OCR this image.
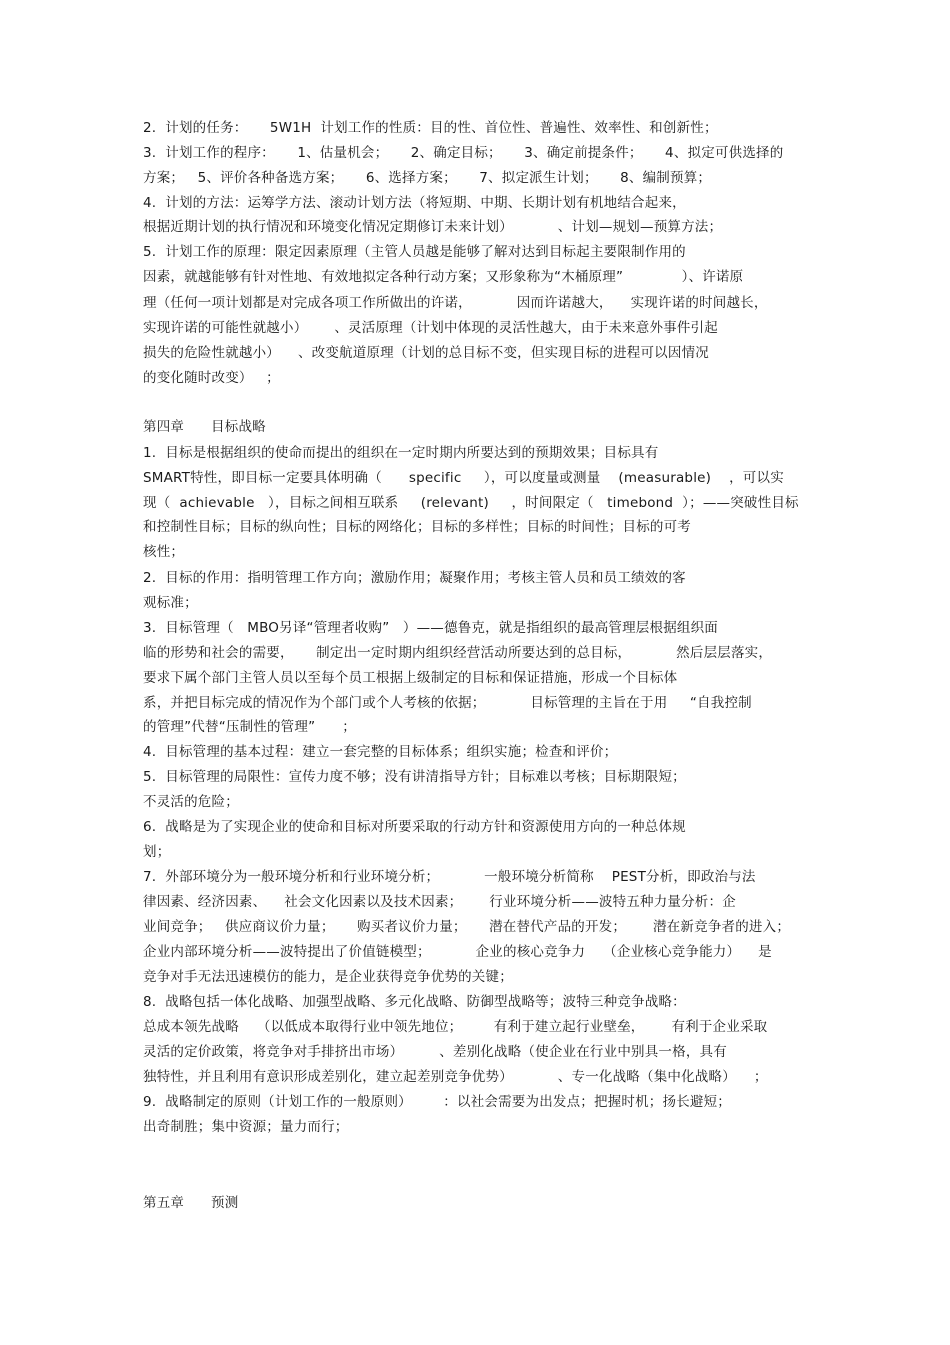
2.  计划的任务：     5W1H  计划工作的性质：目的性、首位性、普遍性、效率性、和创新性；
3.  计划工作的程序：     1、估量机会；     2、确定目标；     3、确定前提条件；     4、拟定可供选择的
方案；   5、评价各种备选方案；     6、选择方案；     7、拟定派生计划；     8、编制预算；
4.  计划的方法：运筹学方法、滚动计划方法（将短期、中期、长期计划有机地结合起来，
根据近期计划的执行情况和环境变化情况定期修订未来计划）          、计划—规划—预算方法；
5.  计划工作的原理：限定因素原理（主管人员越是能够了解对达到目标起主要限制作用的
因素，就越能够有针对性地、有效地拟定各种行动方案；又形象称为“木桶原理”             ）、许诺原
理（任何一项计划都是对完成各项工作所做出的许诺，          因而许诺越大，    实现许诺的时间越长，
实现许诺的可能性就越小）      、灵活原理（计划中体现的灵活性越大，由于未来意外事件引起
损失的危险性就越小）    、改变航道原理（计划的总目标不变，但实现目标的进程可以因情况
的变化随时改变）   ；
第四章      目标战略
1.  目标是根据组织的使命而提出的组织在一定时期内所要达到的预期效果；目标具有
SMART特性，即目标一定要具体明确（      specific     ），可以度量或测量    (measurable)    ，可以实
现（  achievable   ），目标之间相互联系     (relevant)     ，时间限定（   timebond  ）；——突破性目标
和控制性目标；目标的纵向性；目标的网络化；目标的多样性；目标的时间性；目标的可考
核性；
2.  目标的作用：指明管理工作方向；激励作用；凝聚作用；考核主管人员和员工绩效的客
观标准；
3.  目标管理（   MBO另译“管理者收购”   ）——德鲁克，就是指组织的最高管理层根据组织面
临的形势和社会的需要，     制定出一定时期内组织经营活动所要达到的总目标，          然后层层落实，
要求下属个部门主管人员以至每个员工根据上级制定的目标和保证措施，形成一个目标体
系，并把目标完成的情况作为个部门或个人考核的依据；          目标管理的主旨在于用     “自我控制
的管理”代替“压制性的管理”      ；
4.  目标管理的基本过程：建立一套完整的目标体系；组织实施；检查和评价；
5.  目标管理的局限性：宣传力度不够；没有讲清指导方针；目标难以考核；目标期限短；
不灵活的危险；
6.  战略是为了实现企业的使命和目标对所要采取的行动方针和资源使用方向的一种总体规
划；
7.  外部环境分为一般环境分析和行业环境分析；          一般环境分析简称    PEST分析，即政治与法
律因素、经济因素、    社会文化因素以及技术因素；      行业环境分析——波特五种力量分析：企
业间竞争；   供应商议价力量；     购买者议价力量；     潜在替代产品的开发；      潜在新竞争者的进入；
企业内部环境分析——波特提出了价值链模型；          企业的核心竞争力    （企业核心竞争能力）    是
竞争对手无法迅速模仿的能力，是企业获得竞争优势的关键；
8.  战略包括一体化战略、加强型战略、多元化战略、防御型战略等；波特三种竞争战略：
总成本领先战略    （以低成本取得行业中领先地位；       有利于建立起行业壁垒，      有利于企业采取
灵活的定价政策，将竞争对手排挤出市场）        、差别化战略（使企业在行业中别具一格，具有
独特性，并且利用有意识形成差别化，建立起差别竞争优势）          、专一化战略（集中化战略）    ；
9.  战略制定的原则（计划工作的一般原则）       ：以社会需要为出发点；把握时机；扬长避短；
出奇制胜；集中资源；量力而行；
第五章      预测
